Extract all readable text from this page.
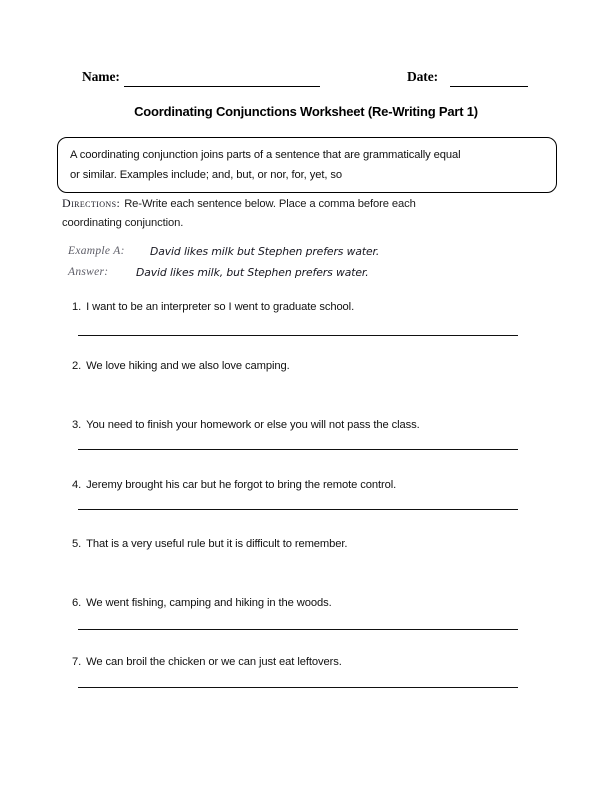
Name:	Date:
Coordinating Conjunctions Worksheet (Re-Writing Part 1)
A coordinating conjunction joins parts of a sentence that are grammatically equal
or similar. Examples include; and, but, or nor, for, yet, so
Directions: Re-Write each sentence below. Place a comma before each
coordinating conjunction.
Example A: David likes milk but Stephen prefers water.
Answer:	David likes milk, but Stephen prefers water.
1. I want to be an interpreter so I went to graduate school.
2. We love hiking and we also love camping.
3. You need to finish your homework or else you will not pass the class.
4. Jeremy brought his car but he forgot to bring the remote control.
5. That is a very useful rule but it is difficult to remember.
6. We went fishing, camping and hiking in the woods.
7. We can broil the chicken or we can just eat leftovers.
